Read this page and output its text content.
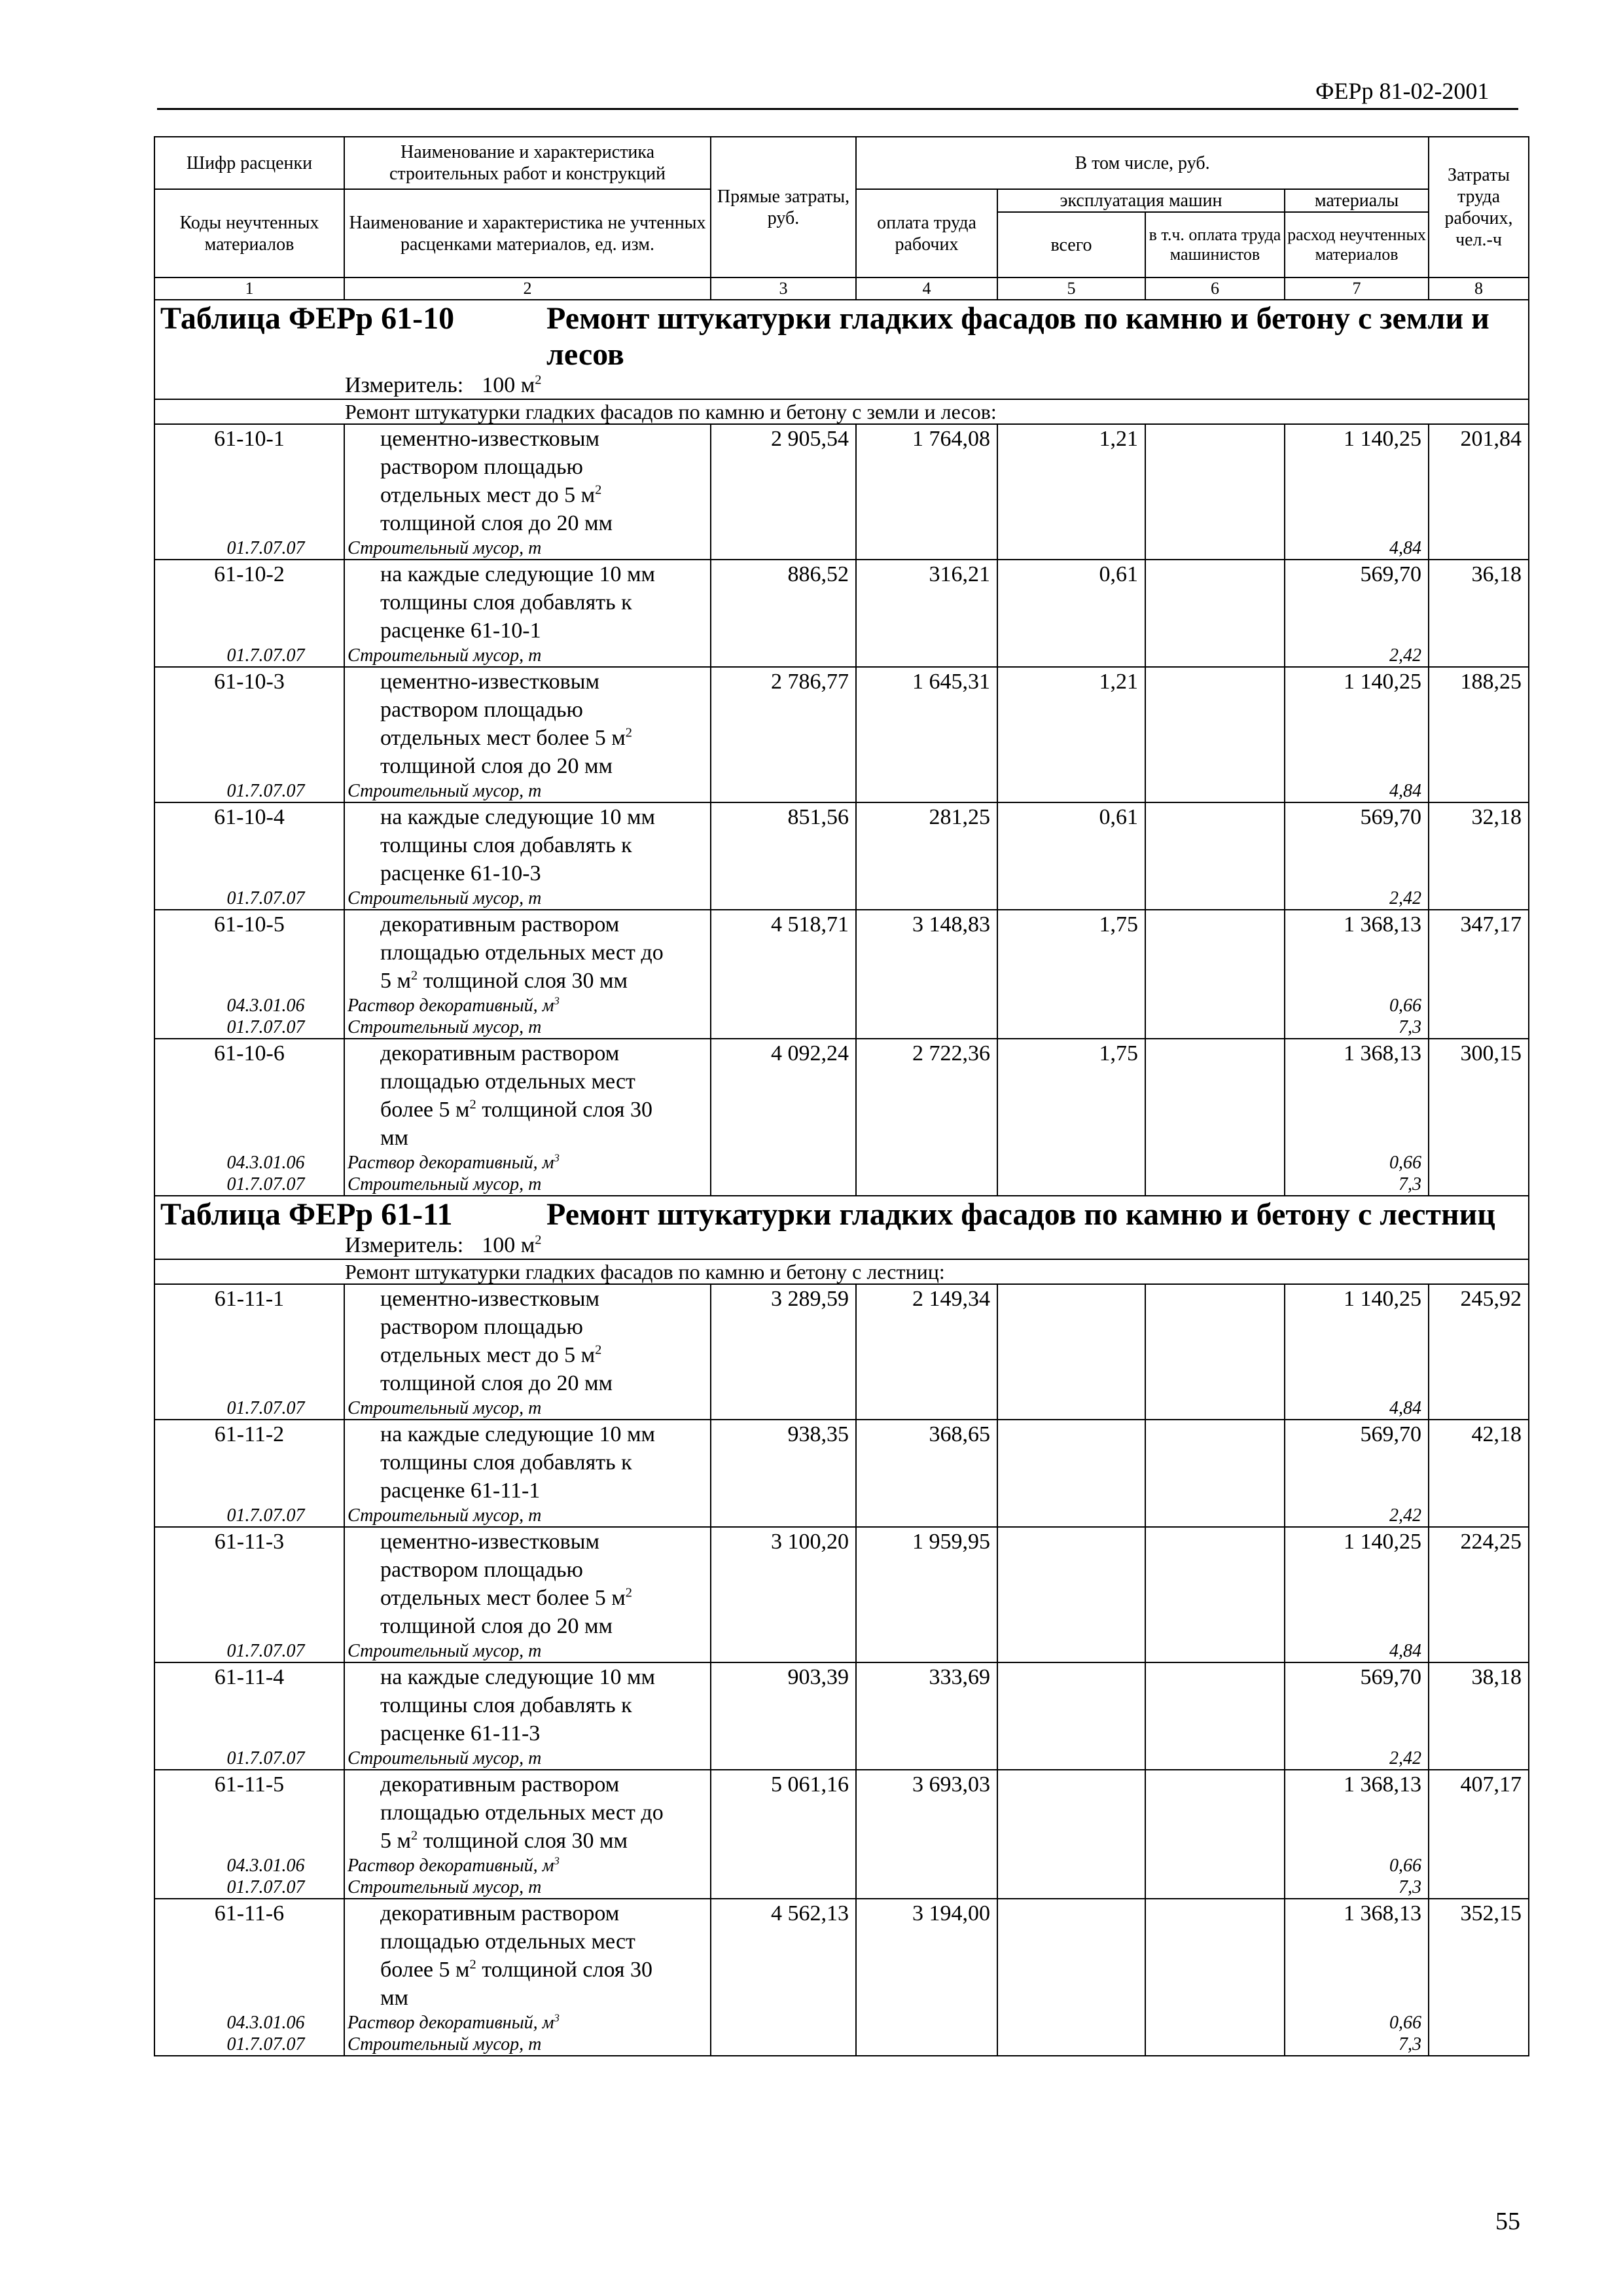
ФЕРр 81-02-2001
Шифр расценки	Наименование и характеристика строительных работ и конструкций	Прямые затраты, руб.	В том числе, руб.				Затраты труда рабочих, чел.-ч
Коды неучтенных материалов	Наименование и характеристика не учтенных расценками материалов, ед. изм.						
			оплата труда рабочих	эксплуатация машин		материалы	
				всего	в т.ч. оплата труда машинистов	расход неучтенных материалов	
1	2	3	4	5	6	7	8

Таблица ФЕРр 61-10 Ремонт штукатурки гладких фасадов по камню и бетону с земли и лесов
Измеритель: 100 $м^2$

Ремонт штукатурки гладких фасадов по камню и бетону с земли и лесов:							
61-10-1	цементно-известковым
раствором площадью
отдельных мест до 5 $м^2$
толщиной слоя до 20 мм	2 905,54	1 764,08	1,21		1 140,25	201,84
01.7.07.07	Строительный мусор, т					4,84	
61-10-2	на каждые следующие 10 мм
толщины слоя добавлять к
расценке 61-10-1	886,52	316,21	0,61		569,70	36,18
01.7.07.07	Строительный мусор, т					2,42	
61-10-3	цементно-известковым
раствором площадью
отдельных мест более 5 $м^2$
толщиной слоя до 20 мм	2 786,77	1 645,31	1,21		1 140,25	188,25
01.7.07.07	Строительный мусор, т					4,84	
61-10-4	на каждые следующие 10 мм
толщины слоя добавлять к
расценке 61-10-3	851,56	281,25	0,61		569,70	32,18
01.7.07.07	Строительный мусор, т					2,42	
61-10-5	декоративным раствором
площадью отдельных мест до
5 $м^2$ толщиной слоя 30 мм	4 518,71	3 148,83	1,75		1 368,13	347,17
04.3.01.06	Раствор декоративный, $м^3$					0,66	
01.7.07.07	Строительный мусор, т					7,3	
61-10-6	декоративным раствором
площадью отдельных мест
более 5 $м^2$ толщиной слоя 30
мм	4 092,24	2 722,36	1,75		1 368,13	300,15
04.3.01.06	Раствор декоративный, $м^3$					0,66	
01.7.07.07	Строительный мусор, т					7,3	

Таблица ФЕРр 61-11 Ремонт штукатурки гладких фасадов по камню и бетону с лестниц
Измеритель: 100 $м^2$

Ремонт штукатурки гладких фасадов по камню и бетону с лестниц:							
61-11-1	цементно-известковым
раствором площадью
отдельных мест до 5 $м^2$
толщиной слоя до 20 мм	3 289,59	2 149,34			1 140,25	245,92
01.7.07.07	Строительный мусор, т					4,84	
61-11-2	на каждые следующие 10 мм
толщины слоя добавлять к
расценке 61-11-1	938,35	368,65			569,70	42,18
01.7.07.07	Строительный мусор, т					2,42	
61-11-3	цементно-известковым
раствором площадью
отдельных мест более 5 $м^2$
толщиной слоя до 20 мм	3 100,20	1 959,95			1 140,25	224,25
01.7.07.07	Строительный мусор, т					4,84	
61-11-4	на каждые следующие 10 мм
толщины слоя добавлять к
расценке 61-11-3	903,39	333,69			569,70	38,18
01.7.07.07	Строительный мусор, т					2,42	
61-11-5	декоративным раствором
площадью отдельных мест до
5 $м^2$ толщиной слоя 30 мм	5 061,16	3 693,03			1 368,13	407,17
04.3.01.06	Раствор декоративный, $м^3$					0,66	
01.7.07.07	Строительный мусор, т					7,3	
61-11-6	декоративным раствором
площадью отдельных мест
более 5 $м^2$ толщиной слоя 30
мм	4 562,13	3 194,00			1 368,13	352,15
04.3.01.06	Раствор декоративный, $м^3$					0,66	
01.7.07.07	Строительный мусор, т					7,3	
55
